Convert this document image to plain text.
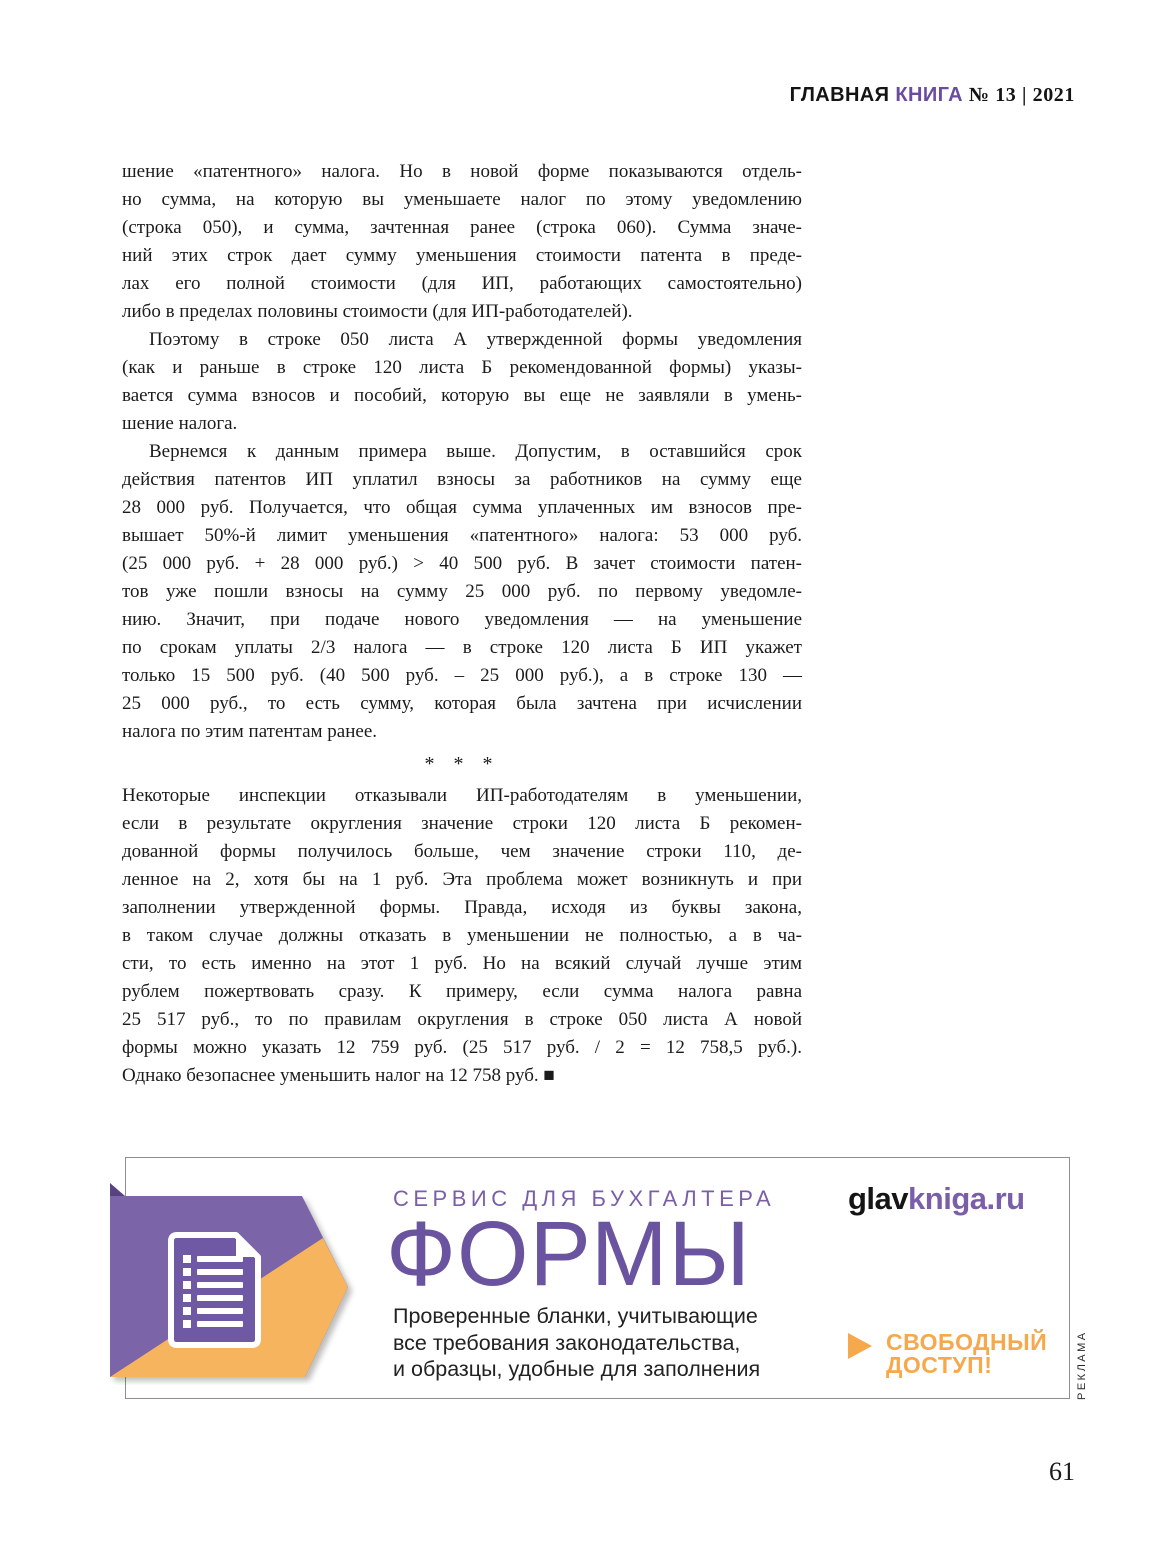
ГЛАВНАЯ КНИГА № 13 | 2021
шение «патентного» налога. Но в новой форме показываются отдель-
но сумма, на которую вы уменьшаете налог по этому уведомлению
(строка 050), и сумма, зачтенная ранее (строка 060). Сумма значе-
ний этих строк дает сумму уменьшения стоимости патента в преде-
лах его полной стоимости (для ИП, работающих самостоятельно)
либо в пределах половины стоимости (для ИП-работодателей).
Поэтому в строке 050 листа А утвержденной формы уведомления
(как и раньше в строке 120 листа Б рекомендованной формы) указы-
вается сумма взносов и пособий, которую вы еще не заявляли в умень-
шение налога.
Вернемся к данным примера выше. Допустим, в оставшийся срок
действия патентов ИП уплатил взносы за работников на сумму еще
28 000 руб. Получается, что общая сумма уплаченных им взносов пре-
вышает 50%-й лимит уменьшения «патентного» налога: 53 000 руб.
(25 000 руб. + 28 000 руб.) > 40 500 руб. В зачет стоимости патен-
тов уже пошли взносы на сумму 25 000 руб. по первому уведомле-
нию. Значит, при подаче нового уведомления — на уменьшение
по срокам уплаты 2/3 налога — в строке 120 листа Б ИП укажет
только 15 500 руб. (40 500 руб. – 25 000 руб.), а в строке 130 —
25 000 руб., то есть сумму, которая была зачтена при исчислении
налога по этим патентам ранее.
* * *
Некоторые инспекции отказывали ИП-работодателям в уменьшении,
если в результате округления значение строки 120 листа Б рекомен-
дованной формы получилось больше, чем значение строки 110, де-
ленное на 2, хотя бы на 1 руб. Эта проблема может возникнуть и при
заполнении утвержденной формы. Правда, исходя из буквы закона,
в таком случае должны отказать в уменьшении не полностью, а в ча-
сти, то есть именно на этот 1 руб. Но на всякий случай лучше этим
рублем пожертвовать сразу. К примеру, если сумма налога равна
25 517 руб., то по правилам округления в строке 050 листа А новой
формы можно указать 12 759 руб. (25 517 руб. / 2 = 12 758,5 руб.).
Однако безопаснее уменьшить налог на 12 758 руб. ■
СЕРВИС ДЛЯ БУХГАЛТЕРА
ФОРМЫ
Проверенные бланки, учитывающие
все требования законодательства,
и образцы, удобные для заполнения
glavkniga.ru
СВОБОДНЫЙ
ДОСТУП!	РЕКЛАМА
61
